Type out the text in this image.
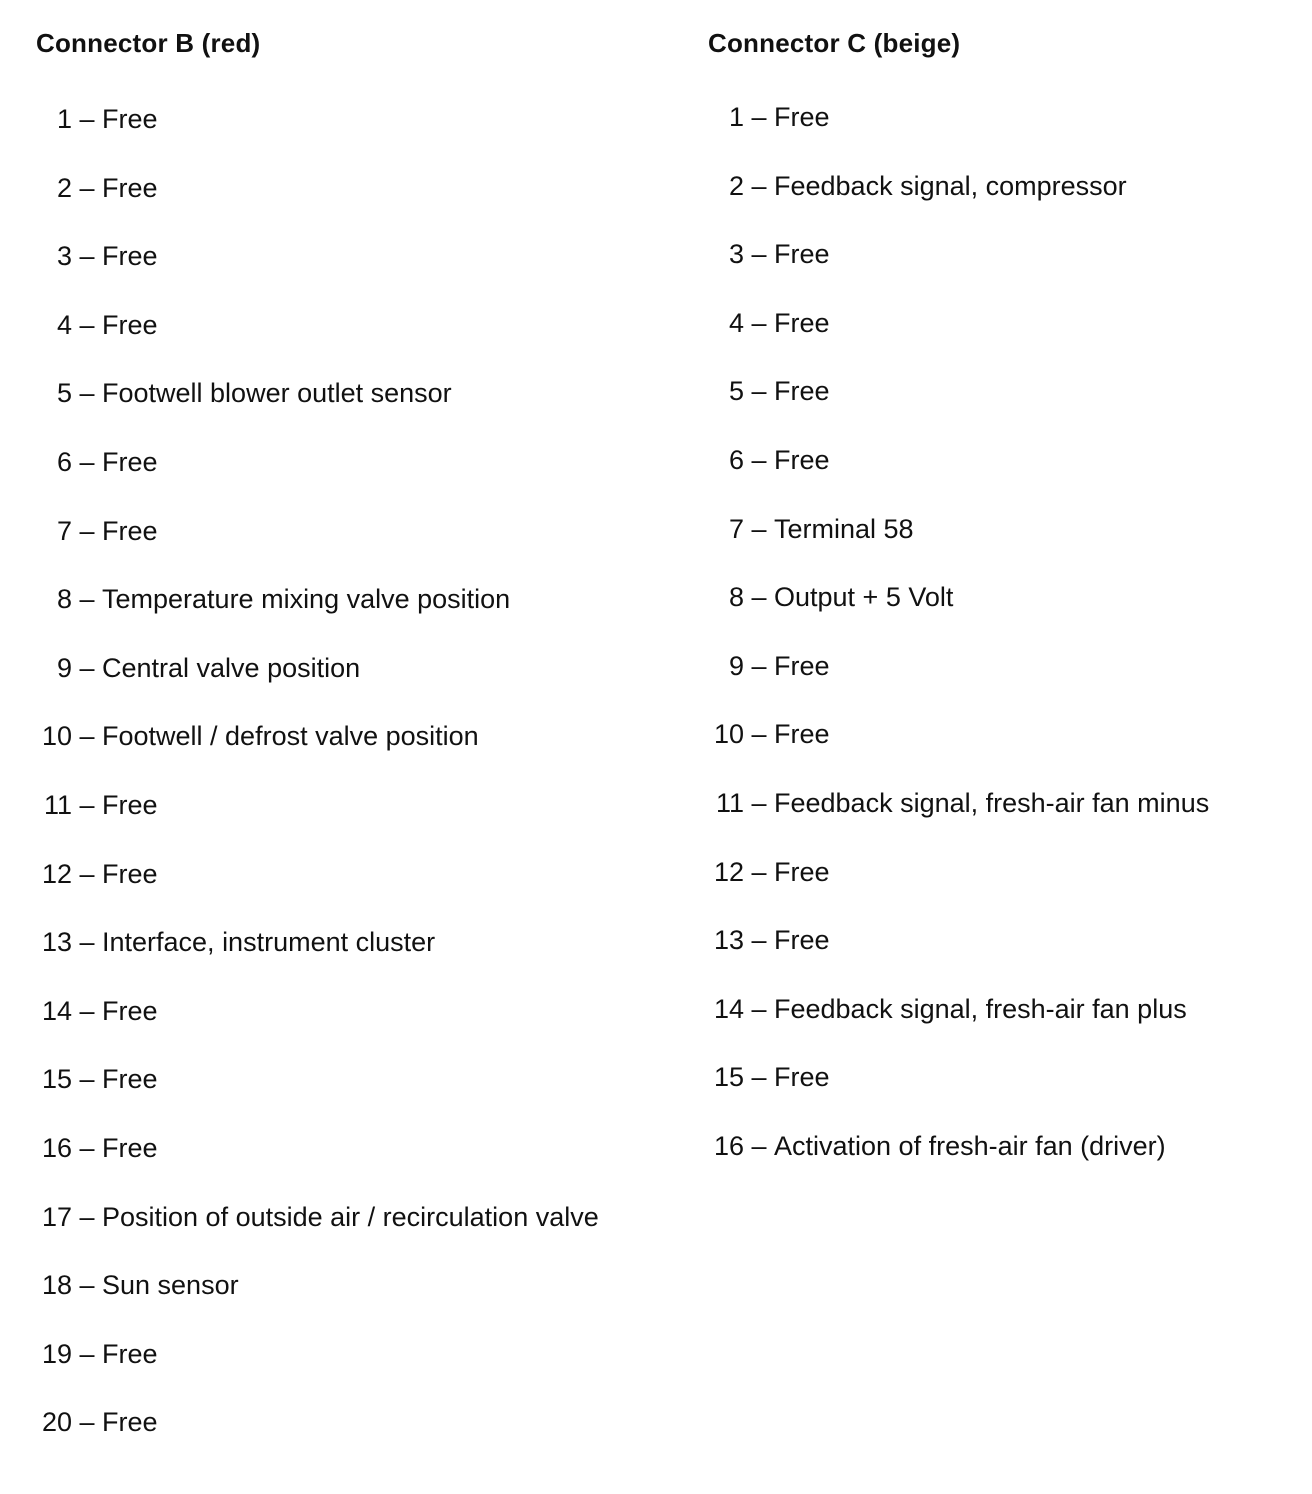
Connector B (red)
1 – Free
2 – Free
3 – Free
4 – Free
5 – Footwell blower outlet sensor
6 – Free
7 – Free
8 – Temperature mixing valve position
9 – Central valve position
10 – Footwell / defrost valve position
11 – Free
12 – Free
13 – Interface, instrument cluster
14 – Free
15 – Free
16 – Free
17 – Position of outside air / recirculation valve
18 – Sun sensor
19 – Free
20 – Free
Connector C (beige)
1 – Free
2 – Feedback signal, compressor
3 – Free
4 – Free
5 – Free
6 – Free
7 – Terminal 58
8 – Output + 5 Volt
9 – Free
10 – Free
11 – Feedback signal, fresh-air fan minus
12 – Free
13 – Free
14 – Feedback signal, fresh-air fan plus
15 – Free
16 – Activation of fresh-air fan (driver)
